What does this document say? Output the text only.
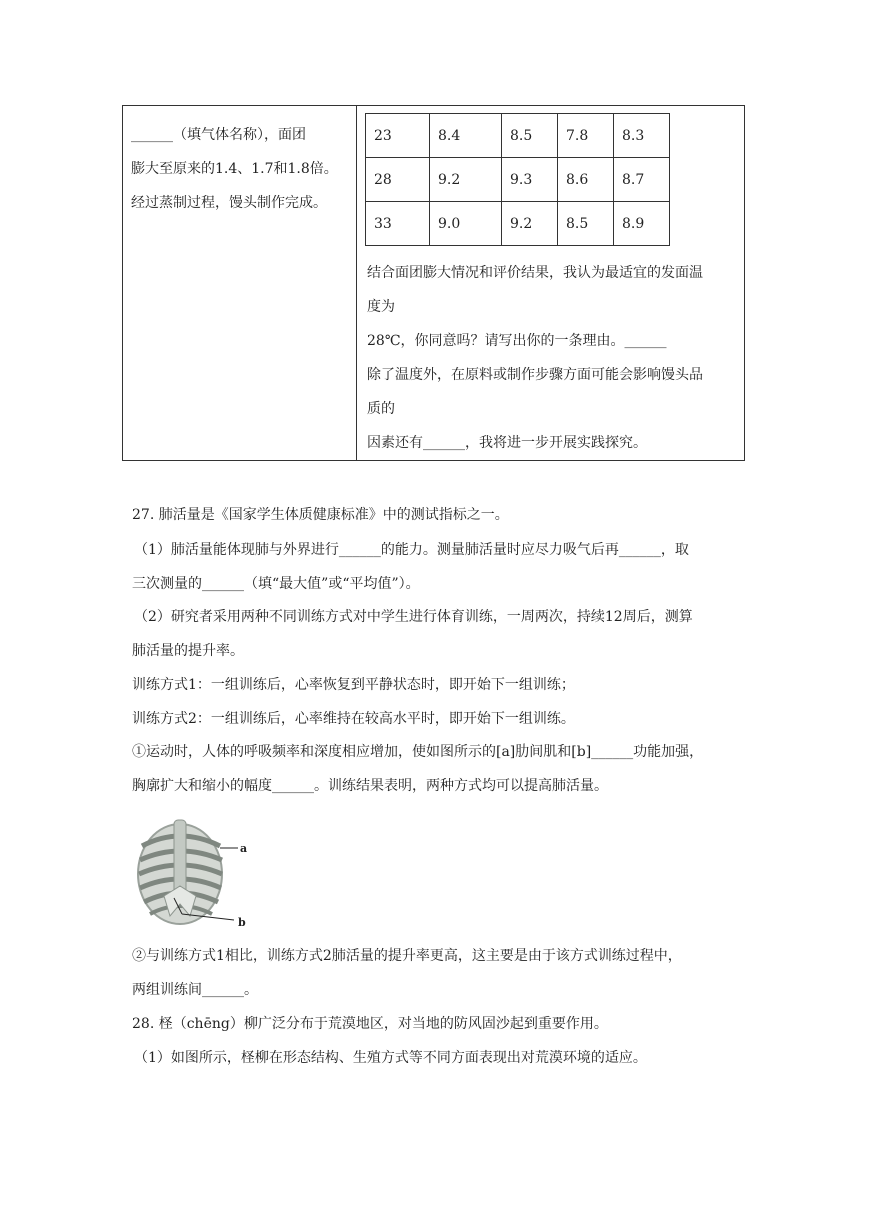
______（填气体名称），面团
膨大至原来的1.4、1.7和1.8倍。
经过蒸制过程，馒头制作完成。
23	8.4	8.5	7.8	8.3
28	9.2	9.3	8.6	8.7
33	9.0	9.2	8.5	8.9
结合面团膨大情况和评价结果，我认为最适宜的发面温
度为
28℃，你同意吗？请写出你的一条理由。______
除了温度外，在原料或制作步骤方面可能会影响馒头品
质的
因素还有______，我将进一步开展实践探究。
27. 肺活量是《国家学生体质健康标准》中的测试指标之一。
（1）肺活量能体现肺与外界进行______的能力。测量肺活量时应尽力吸气后再______，取
三次测量的______（填“最大值”或“平均值”）。
（2）研究者采用两种不同训练方式对中学生进行体育训练，一周两次，持续12周后，测算
肺活量的提升率。
训练方式1：一组训练后，心率恢复到平静状态时，即开始下一组训练；
训练方式2：一组训练后，心率维持在较高水平时，即开始下一组训练。
①运动时，人体的呼吸频率和深度相应增加，使如图所示的[a]肋间肌和[b]______功能加强，
胸廓扩大和缩小的幅度______。训练结果表明，两种方式均可以提高肺活量。
a
b
②与训练方式1相比，训练方式2肺活量的提升率更高，这主要是由于该方式训练过程中，
两组训练间______。
28. 柽（chēng）柳广泛分布于荒漠地区，对当地的防风固沙起到重要作用。
（1）如图所示，柽柳在形态结构、生殖方式等不同方面表现出对荒漠环境的适应。
